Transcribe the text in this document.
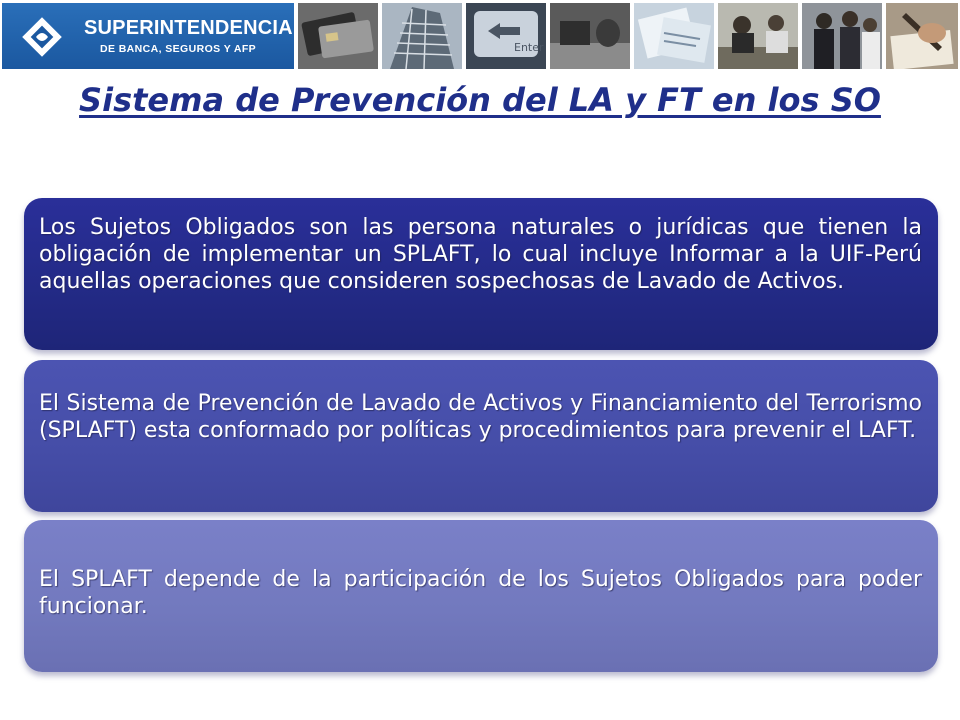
SUPERINTENDENCIA
DE BANCA, SEGUROS Y AFP	Enter
Sistema de Prevención del LA y FT en los SO

Los Sujetos Obligados son las persona naturales o jurídicas que tienen la obligación de implementar un SPLAFT, lo cual incluye Informar a la UIF-Perú aquellas operaciones que consideren sospechosas de Lavado de Activos.

El Sistema de Prevención de Lavado de Activos y Financiamiento del Terrorismo (SPLAFT) esta conformado por políticas y procedimientos para prevenir el LAFT.

El SPLAFT depende de la participación de los Sujetos Obligados para poder funcionar.
